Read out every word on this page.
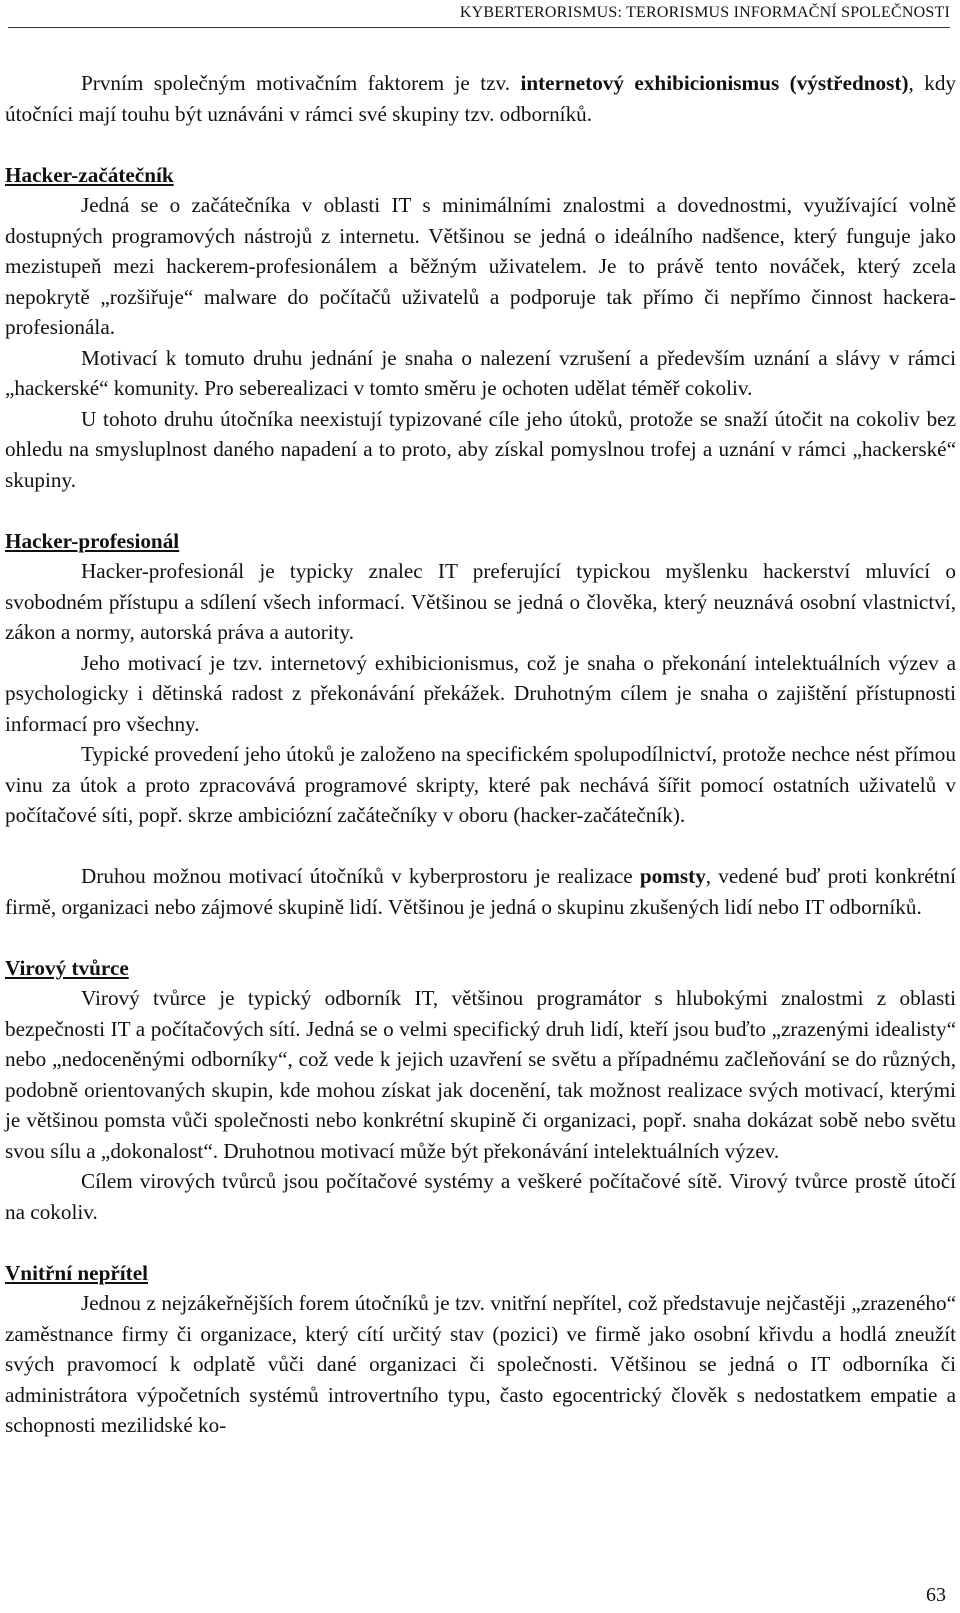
KYBERTERORISMUS: TERORISMUS INFORMAČNÍ SPOLEČNOSTI

Prvním společným motivačním faktorem je tzv. internetový exhibicionismus (výstřednost), kdy útočníci mají touhu být uznáváni v rámci své skupiny tzv. odborníků.

Hacker-začátečník

Jedná se o začátečníka v oblasti IT s minimálními znalostmi a dovednostmi, využívající volně dostupných programových nástrojů z internetu. Většinou se jedná o ideálního nadšence, který funguje jako mezistupeň mezi hackerem-profesionálem a běžným uživatelem. Je to právě tento nováček, který zcela nepokrytě „rozšiřuje“ malware do počítačů uživatelů a podporuje tak přímo či nepřímo činnost hackera-profesionála.

Motivací k tomuto druhu jednání je snaha o nalezení vzrušení a především uznání a slávy v rámci „hackerské“ komunity. Pro seberealizaci v tomto směru je ochoten udělat téměř cokoliv.

U tohoto druhu útočníka neexistují typizované cíle jeho útoků, protože se snaží útočit na cokoliv bez ohledu na smysluplnost daného napadení a to proto, aby získal pomyslnou trofej a uznání v rámci „hackerské“ skupiny.

Hacker-profesionál

Hacker-profesionál je typicky znalec IT preferující typickou myšlenku hackerství mluvící o svobodném přístupu a sdílení všech informací. Většinou se jedná o člověka, který neuznává osobní vlastnictví, zákon a normy, autorská práva a autority.

Jeho motivací je tzv. internetový exhibicionismus, což je snaha o překonání intelektuálních výzev a psychologicky i dětinská radost z překonávání překážek. Druhotným cílem je snaha o zajištění přístupnosti informací pro všechny.

Typické provedení jeho útoků je založeno na specifickém spolupodílnictví, protože nechce nést přímou vinu za útok a proto zpracovává programové skripty, které pak nechává šířit pomocí ostatních uživatelů v počítačové síti, popř. skrze ambiciózní začátečníky v oboru (hacker-začátečník).

Druhou možnou motivací útočníků v kyberprostoru je realizace pomsty, vedené buď proti konkrétní firmě, organizaci nebo zájmové skupině lidí. Většinou je jedná o skupinu zkušených lidí nebo IT odborníků.

Virový tvůrce

Virový tvůrce je typický odborník IT, většinou programátor s hlubokými znalostmi z oblasti bezpečnosti IT a počítačových sítí. Jedná se o velmi specifický druh lidí, kteří jsou buďto „zrazenými idealisty“ nebo „nedoceněnými odborníky“, což vede k jejich uzavření se světu a případnému začleňování se do různých, podobně orientovaných skupin, kde mohou získat jak docenění, tak možnost realizace svých motivací, kterými je většinou pomsta vůči společnosti nebo konkrétní skupině či organizaci, popř. snaha dokázat sobě nebo světu svou sílu a „dokonalost“. Druhotnou motivací může být překonávání intelektuálních výzev.

Cílem virových tvůrců jsou počítačové systémy a veškeré počítačové sítě. Virový tvůrce prostě útočí na cokoliv.

Vnitřní nepřítel

Jednou z nejzákeřnějších forem útočníků je tzv. vnitřní nepřítel, což představuje nejčastěji „zrazeného“ zaměstnance firmy či organizace, který cítí určitý stav (pozici) ve firmě jako osobní křivdu a hodlá zneužít svých pravomocí k odplatě vůči dané organizaci či společnosti. Většinou se jedná o IT odborníka či administrátora výpočetních systémů introvertního typu, často egocentrický člověk s nedostatkem empatie a schopnosti mezilidské ko-

63
